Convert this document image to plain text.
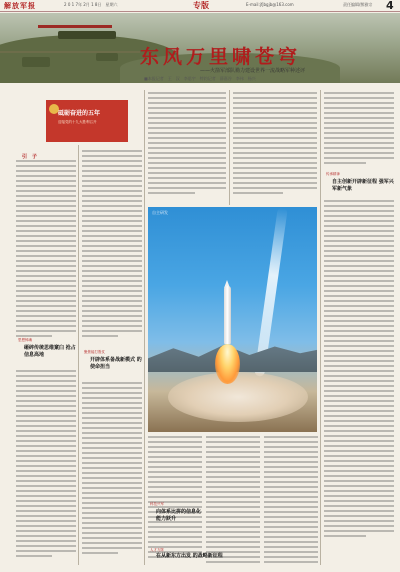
解放军报	2 0 1 7年 2月 1 8日　星期六	专版	E-mail:jfjbgjb@163.com	责任编辑/熊雅宗 4
东风万里啸苍穹
——火箭军部队勠力建设世界一流战略军种述评
■本报记者　王　汉　李思宇　特约记者　薛嘉谷　李伟　杨兴
砥砺奋进的五年
迎接党的十九大胜利召开
引　子
思想铸魂
砸碎传统思维窠臼 抢占信息高地	聚焦能打胜仗
开辟体系备战新模式 的使命担当
自主研发
科技兴军
向体系比拼的信息化 能力跃升
传承精神
自主创新开辟新征程 强军兴军新气象
人才方阵
在从新东方出发 的战略新征程
